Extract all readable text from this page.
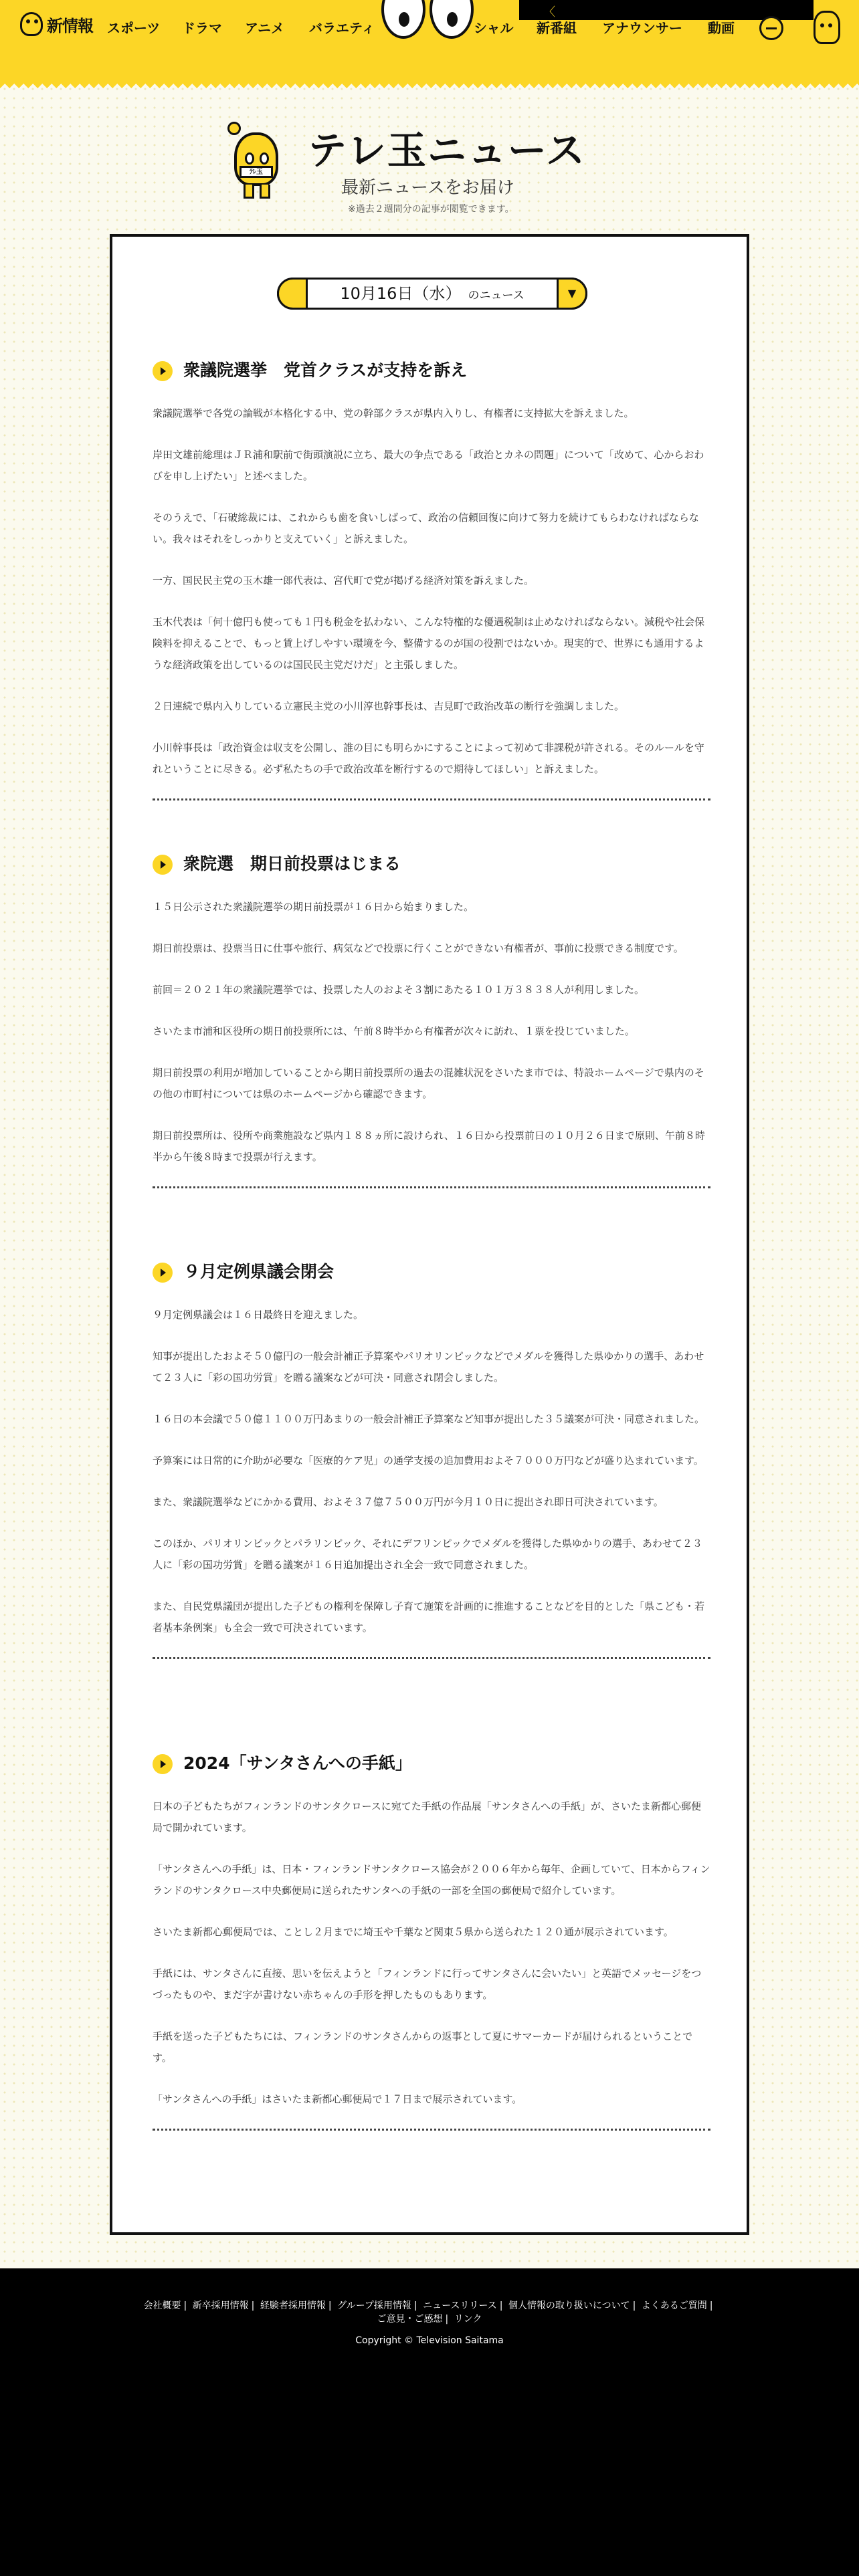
新情報 スポーツ ドラマ アニメ バラエティ	シャル 新番組 アナウンサー 動画
〈
ﾃﾚ玉 テレ玉ニュース
最新ニュースをお届け
※過去２週間分の記事が閲覧できます。
10月16日（水） のニュース	▼
衆議院選挙　党首クラスが支持を訴え

衆議院選挙で各党の論戦が本格化する中、党の幹部クラスが県内入りし、有権者に支持拡大を訴えました。

岸田文雄前総理はＪＲ浦和駅前で街頭演説に立ち、最大の争点である「政治とカネの問題」について「改めて、心からおわびを申し上げたい」と述べました。

そのうえで、「石破総裁には、これからも歯を食いしばって、政治の信頼回復に向けて努力を続けてもらわなければならない。我々はそれをしっかりと支えていく」と訴えました。

一方、国民民主党の玉木雄一郎代表は、宮代町で党が掲げる経済対策を訴えました。

玉木代表は「何十億円も使っても１円も税金を払わない、こんな特権的な優遇税制は止めなければならない。減税や社会保険料を抑えることで、もっと賃上げしやすい環境を今、整備するのが国の役割ではないか。現実的で、世界にも通用するような経済政策を出しているのは国民民主党だけだ」と主張しました。

２日連続で県内入りしている立憲民主党の小川淳也幹事長は、吉見町で政治改革の断行を強調しました。

小川幹事長は「政治資金は収支を公開し、誰の目にも明らかにすることによって初めて非課税が許される。そのルールを守れということに尽きる。必ず私たちの手で政治改革を断行するので期待してほしい」と訴えました。

衆院選　期日前投票はじまる

１５日公示された衆議院選挙の期日前投票が１６日から始まりました。

期日前投票は、投票当日に仕事や旅行、病気などで投票に行くことができない有権者が、事前に投票できる制度です。

前回＝２０２１年の衆議院選挙では、投票した人のおよそ３割にあたる１０１万３８３８人が利用しました。

さいたま市浦和区役所の期日前投票所には、午前８時半から有権者が次々に訪れ、１票を投じていました。

期日前投票の利用が増加していることから期日前投票所の過去の混雑状況をさいたま市では、特設ホームページで県内のその他の市町村については県のホームページから確認できます。

期日前投票所は、役所や商業施設など県内１８８ヵ所に設けられ、１６日から投票前日の１０月２６日まで原則、午前８時半から午後８時まで投票が行えます。

９月定例県議会閉会

９月定例県議会は１６日最終日を迎えました。

知事が提出したおよそ５０億円の一般会計補正予算案やパリオリンピックなどでメダルを獲得した県ゆかりの選手、あわせて２３人に「彩の国功労賞」を贈る議案などが可決・同意され閉会しました。

１６日の本会議で５０億１１００万円あまりの一般会計補正予算案など知事が提出した３５議案が可決・同意されました。

予算案には日常的に介助が必要な「医療的ケア児」の通学支援の追加費用およそ７０００万円などが盛り込まれています。

また、衆議院選挙などにかかる費用、およそ３７億７５００万円が今月１０日に提出され即日可決されています。

このほか、パリオリンピックとパラリンピック、それにデフリンピックでメダルを獲得した県ゆかりの選手、あわせて２３人に「彩の国功労賞」を贈る議案が１６日追加提出され全会一致で同意されました。

また、自民党県議団が提出した子どもの権利を保障し子育て施策を計画的に推進することなどを目的とした「県こども・若者基本条例案」も全会一致で可決されています。

2024「サンタさんへの手紙」

日本の子どもたちがフィンランドのサンタクロースに宛てた手紙の作品展「サンタさんへの手紙」が、さいたま新都心郵便局で開かれています。

「サンタさんへの手紙」は、日本・フィンランドサンタクロース協会が２００６年から毎年、企画していて、日本からフィンランドのサンタクロース中央郵便局に送られたサンタへの手紙の一部を全国の郵便局で紹介しています。

さいたま新都心郵便局では、ことし２月までに埼玉や千葉など関東５県から送られた１２０通が展示されています。

手紙には、サンタさんに直接、思いを伝えようと「フィンランドに行ってサンタさんに会いたい」と英語でメッセージをつづったものや、まだ字が書けない赤ちゃんの手形を押したものもあります。

手紙を送った子どもたちには、フィンランドのサンタさんからの返事として夏にサマーカードが届けられるということです。

「サンタさんへの手紙」はさいたま新都心郵便局で１７日まで展示されています。

会社概要 | 新卒採用情報 | 経験者採用情報 | グループ採用情報 | ニュースリリース | 個人情報の取り扱いについて | よくあるご質問 |
ご意見・ご感想 | リンク
Copyright © Television Saitama
